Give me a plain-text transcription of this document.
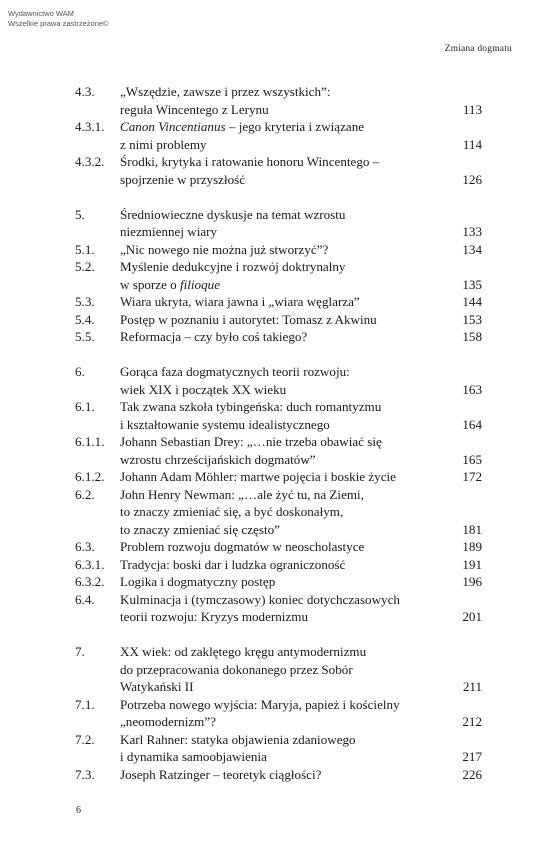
Wydawnictwo WAM
Wszelkie prawa zastrzeżone©
Zmiana dogmatu
4.3.	„Wszędzie, zawsze i przez wszystkich”:
reguła Wincentego z Lerynu	113
4.3.1.	Canon Vincentianus – jego kryteria i związane
z nimi problemy	114
4.3.2.	Środki, krytyka i ratowanie honoru Wincentego –
spojrzenie w przyszłość	126
5.	Średniowieczne dyskusje na temat wzrostu
niezmiennej wiary	133
5.1.	„Nic nowego nie można już stworzyć”?	134
5.2.	Myślenie dedukcyjne i rozwój doktrynalny
w sporze o filioque	135
5.3.	Wiara ukryta, wiara jawna i „wiara węglarza”	144
5.4.	Postęp w poznaniu i autorytet: Tomasz z Akwinu	153
5.5.	Reformacja – czy było coś takiego?	158
6.	Gorąca faza dogmatycznych teorii rozwoju:
wiek XIX i początek XX wieku	163
6.1.	Tak zwana szkoła tybingeńska: duch romantyzmu
i kształtowanie systemu idealistycznego	164
6.1.1.	Johann Sebastian Drey: „…nie trzeba obawiać się
wzrostu chrześcijańskich dogmatów”	165
6.1.2.	Johann Adam Möhler: martwe pojęcia i boskie życie	172
6.2.	John Henry Newman: „…ale żyć tu, na Ziemi,
to znaczy zmieniać się, a być doskonałym,
to znaczy zmieniać się często”	181
6.3.	Problem rozwoju dogmatów w neoscholastyce	189
6.3.1.	Tradycja: boski dar i ludzka ograniczoność	191
6.3.2.	Logika i dogmatyczny postęp	196
6.4.	Kulminacja i (tymczasowy) koniec dotychczasowych
teorii rozwoju: Kryzys modernizmu	201
7.	XX wiek: od zaklętego kręgu antymodernizmu
do przepracowania dokonanego przez Sobór
Watykański II	211
7.1.	Potrzeba nowego wyjścia: Maryja, papież i kościelny
„neomodernizm”?	212
7.2.	Karl Rahner: statyka objawienia zdaniowego
i dynamika samoobjawienia	217
7.3.	Joseph Ratzinger – teoretyk ciągłości?	226
6
